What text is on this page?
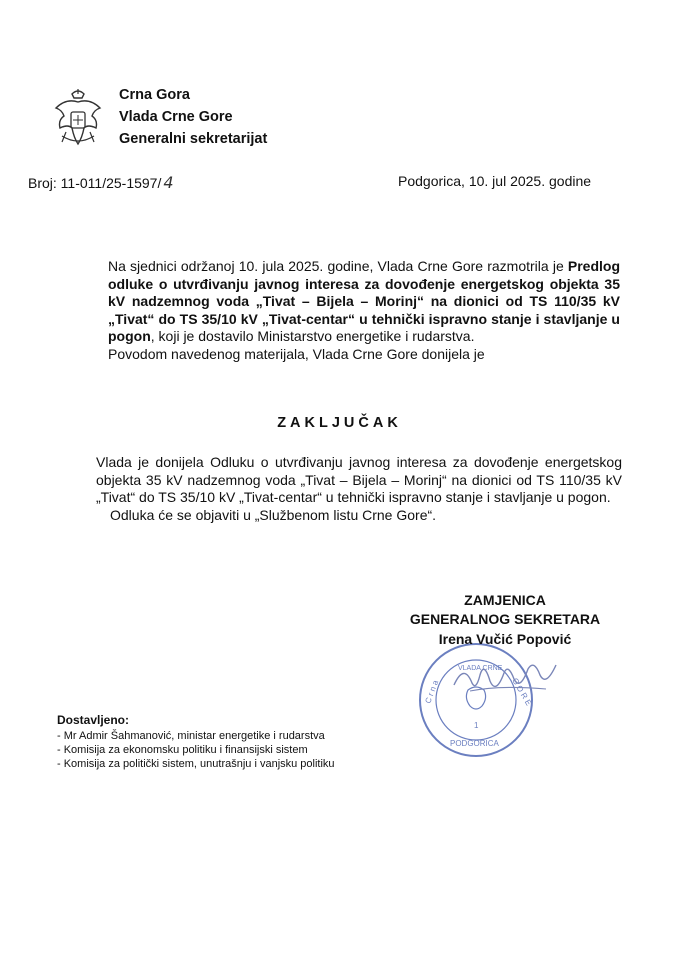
Crna Gora
Vlada Crne Gore
Generalni sekretarijat
Broj: 11-011/25-1597/ 4	Podgorica, 10. jul 2025. godine

Na sjednici održanoj 10. jula 2025. godine, Vlada Crne Gore razmotrila je Predlog odluke o utvrđivanju javnog interesa za dovođenje energetskog objekta 35 kV nadzemnog voda „Tivat – Bijela – Morinj“ na dionici od TS 110/35 kV „Tivat“ do TS 35/10 kV „Tivat-centar“ u tehnički ispravno stanje i stavljanje u pogon, koji je dostavilo Ministarstvo energetike i rudarstva.

Povodom navedenog materijala, Vlada Crne Gore donijela je

ZAKLJUČAK

Vlada je donijela Odluku o utvrđivanju javnog interesa za dovođenje energetskog objekta 35 kV nadzemnog voda „Tivat – Bijela – Morinj“ na dionici od TS 110/35 kV „Tivat“ do TS 35/10 kV „Tivat-centar“ u tehnički ispravno stanje i stavljanje u pogon.

Odluka će se objaviti u „Službenom listu Crne Gore“.

C r n a
VLADA CRNE
G O R E
1
PODGORICA
ZAMJENICA
GENERALNOG SEKRETARA
Irena Vučić Popović
Dostavljeno:
- Mr Admir Šahmanović, ministar energetike i rudarstva
- Komisija za ekonomsku politiku i finansijski sistem
- Komisija za politički sistem, unutrašnju i vanjsku politiku
